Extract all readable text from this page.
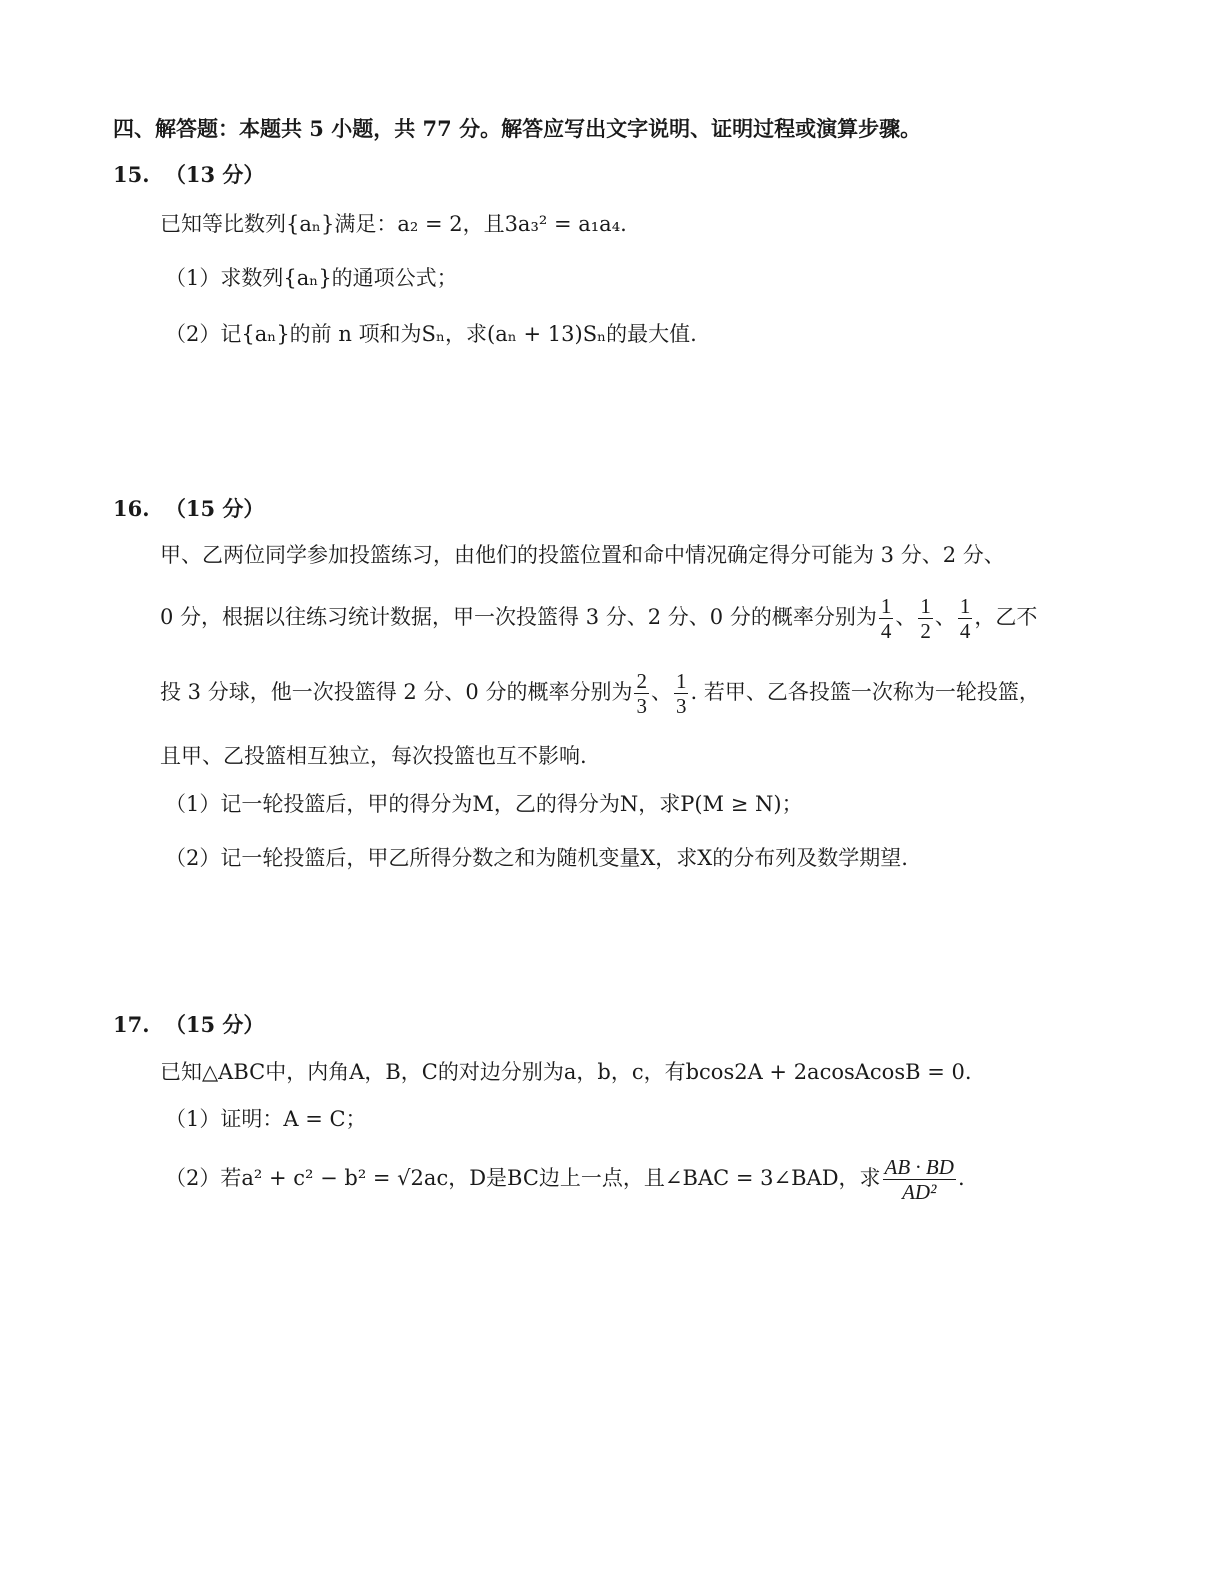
四、解答题：本题共 5 小题，共 77 分。解答应写出文字说明、证明过程或演算步骤。
15. （13 分）
已知等比数列{aₙ}满足：a₂ = 2，且3a₃² = a₁a₄.
（1）求数列{aₙ}的通项公式；
（2）记{aₙ}的前 n 项和为Sₙ，求(aₙ + 13)Sₙ的最大值.
16. （15 分）
甲、乙两位同学参加投篮练习，由他们的投篮位置和命中情况确定得分可能为 3 分、2 分、
0 分，根据以往练习统计数据，甲一次投篮得 3 分、2 分、0 分的概率分别为 $\frac{1}{4}$ 、 $\frac{1}{2}$ 、 $\frac{1}{4}$ ，乙不
投 3 分球，他一次投篮得 2 分、0 分的概率分别为 $\frac{2}{3}$ 、 $\frac{1}{3}$ . 若甲、乙各投篮一次称为一轮投篮，
且甲、乙投篮相互独立，每次投篮也互不影响.
（1）记一轮投篮后，甲的得分为M，乙的得分为N，求P(M ≥ N)；
（2）记一轮投篮后，甲乙所得分数之和为随机变量X，求X的分布列及数学期望.
17. （15 分）
已知△ABC中，内角A，B，C的对边分别为a，b，c，有bcos2A + 2acosAcosB = 0.
（1）证明：A = C；
（2）若a² + c² − b² = √2ac，D是BC边上一点，且∠BAC = 3∠BAD，求 $\frac{AB \cdot BD}{\text{AD²}}$ .
